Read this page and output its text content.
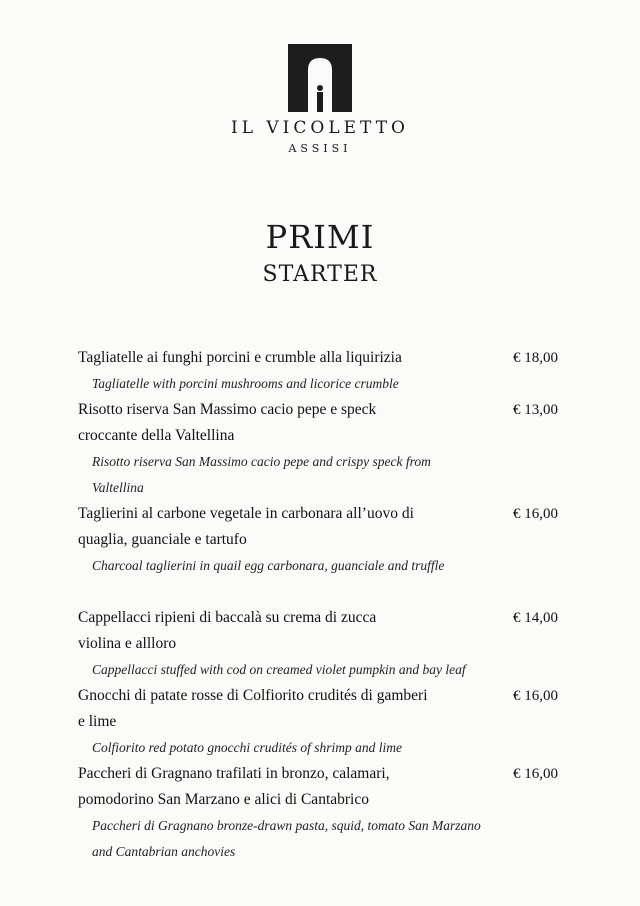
IL VICOLETTO
ASSISI
PRIMI
STARTER
Tagliatelle ai funghi porcini e crumble alla liquirizia
Tagliatelle with porcini mushrooms and licorice crumble
€ 18,00
Risotto riserva San Massimo cacio pepe e speck croccante della Valtellina
Risotto riserva San Massimo cacio pepe and crispy speck from Valtellina
€ 13,00
Taglierini al carbone vegetale in carbonara all’uovo di quaglia, guanciale e tartufo
Charcoal taglierini in quail egg carbonara, guanciale and truffle
€ 16,00
Cappellacci ripieni di baccalà su crema di zucca violina e allloro
Cappellacci stuffed with cod on creamed violet pumpkin and bay leaf
€ 14,00
Gnocchi di patate rosse di Colfiorito crudités di gamberi e lime
Colfiorito red potato gnocchi crudités of shrimp and lime
€ 16,00
Paccheri di Gragnano trafilati in bronzo, calamari, pomodorino San Marzano e alici di Cantabrico
Paccheri di Gragnano bronze-drawn pasta, squid, tomato San Marzano and Cantabrian anchovies
€ 16,00
